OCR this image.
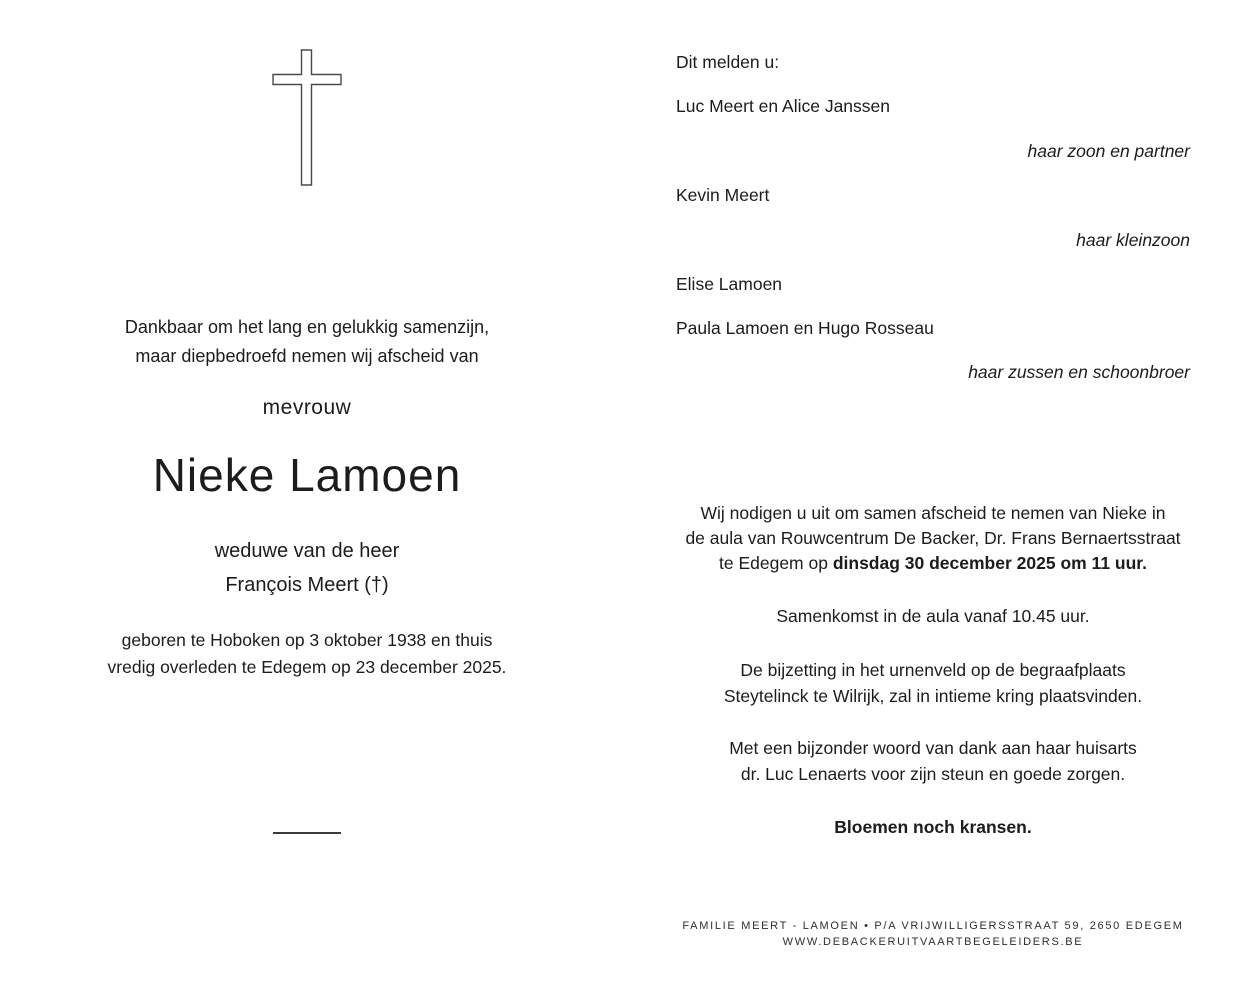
Dankbaar om het lang en gelukkig samenzijn,
maar diepbedroefd nemen wij afscheid van
mevrouw
Nieke Lamoen
weduwe van de heer
François Meert (†)
geboren te Hoboken op 3 oktober 1938 en thuis
vredig overleden te Edegem op 23 december 2025.
Dit melden u:
Luc Meert en Alice Janssen
haar zoon en partner
Kevin Meert
haar kleinzoon
Elise Lamoen
Paula Lamoen en Hugo Rosseau
haar zussen en schoonbroer
Wij nodigen u uit om samen afscheid te nemen van Nieke in
de aula van Rouwcentrum De Backer, Dr. Frans Bernaertsstraat
te Edegem op dinsdag 30 december 2025 om 11 uur.
Samenkomst in de aula vanaf 10.45 uur.
De bijzetting in het urnenveld op de begraafplaats
Steytelinck te Wilrijk, zal in intieme kring plaatsvinden.
Met een bijzonder woord van dank aan haar huisarts
dr. Luc Lenaerts voor zijn steun en goede zorgen.
Bloemen noch kransen.
FAMILIE MEERT - LAMOEN • P/A VRIJWILLIGERSSTRAAT 59, 2650 EDEGEM
WWW.DEBACKERUITVAARTBEGELEIDERS.BE
